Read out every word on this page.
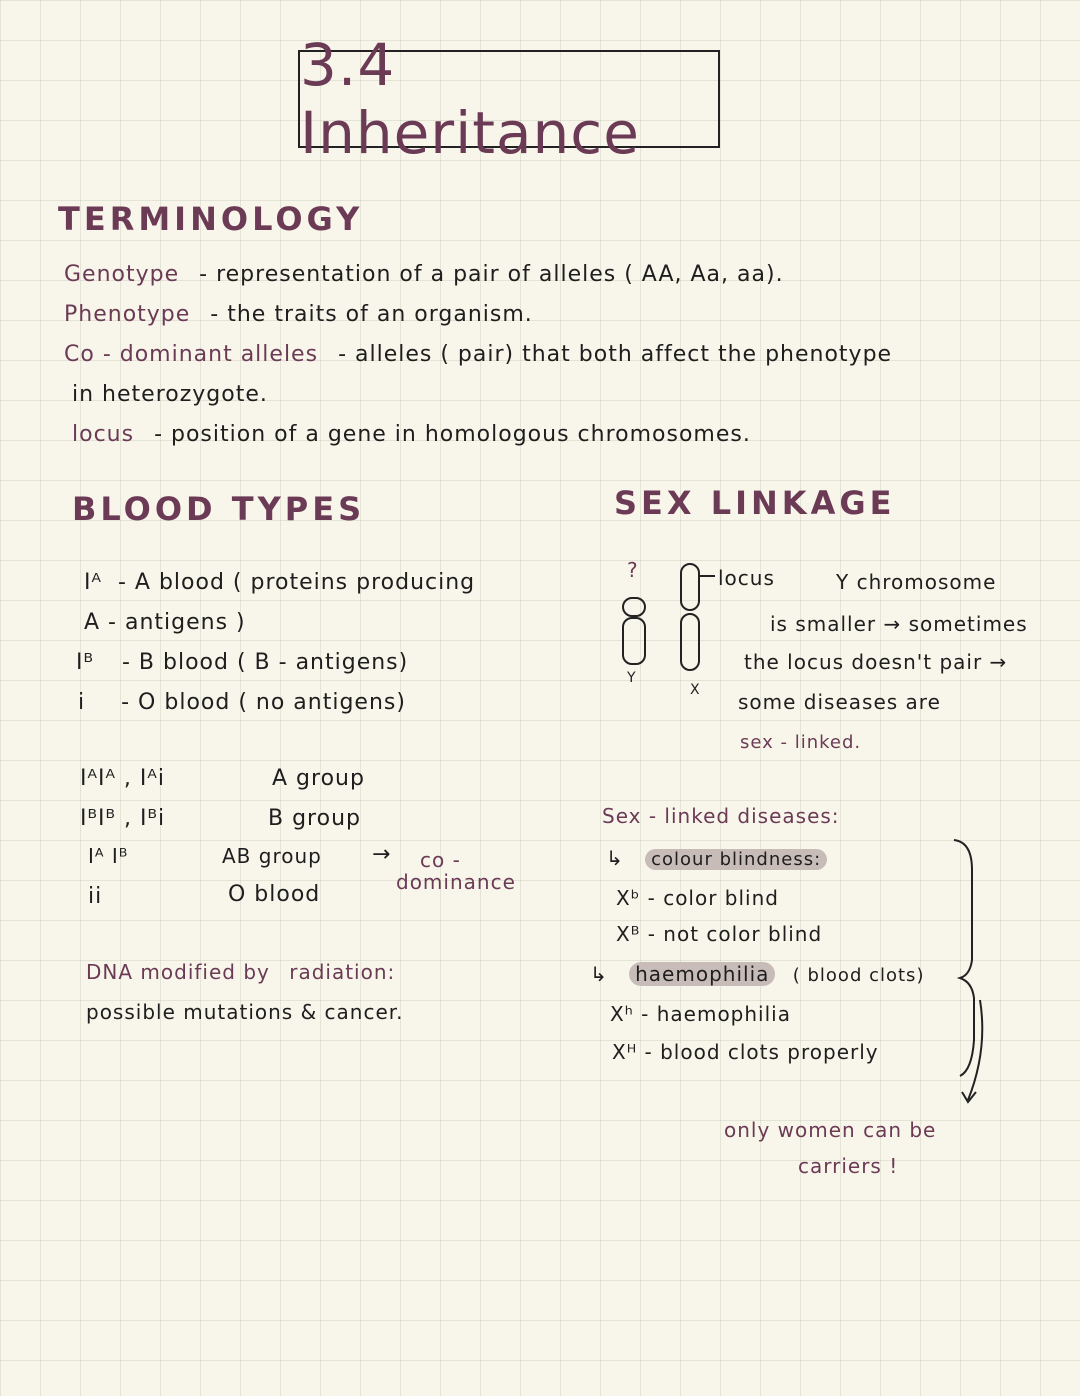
3.4 Inheritance
TERMINOLOGY
Genotype - representation of a pair of alleles ( AA, Aa, aa).
Phenotype - the traits of an organism.
Co - dominant alleles - alleles ( pair) that both affect the phenotype
in heterozygote.
locus - position of a gene in homologous chromosomes.
BLOOD TYPES
Iᴬ - A blood ( proteins producing
A - antigens )
Iᴮ - B blood ( B - antigens)
i - O blood ( no antigens)
IᴬIᴬ , Iᴬi	A group
IᴮIᴮ , Iᴮi	B group
Iᴬ Iᴮ	AB group
ii	O blood
→ co -
dominance
DNA modified by radiation:
possible mutations & cancer.
SEX LINKAGE
?
Y
X
locus	Y chromosome
is smaller → sometimes
the locus doesn't pair →
some diseases are
sex - linked.
Sex - linked diseases:
↳ colour blindness:
Xᵇ - color blind
Xᴮ - not color blind
↳ haemophilia ( blood clots)
Xʰ - haemophilia
Xᴴ - blood clots properly
only women can be
carriers !
